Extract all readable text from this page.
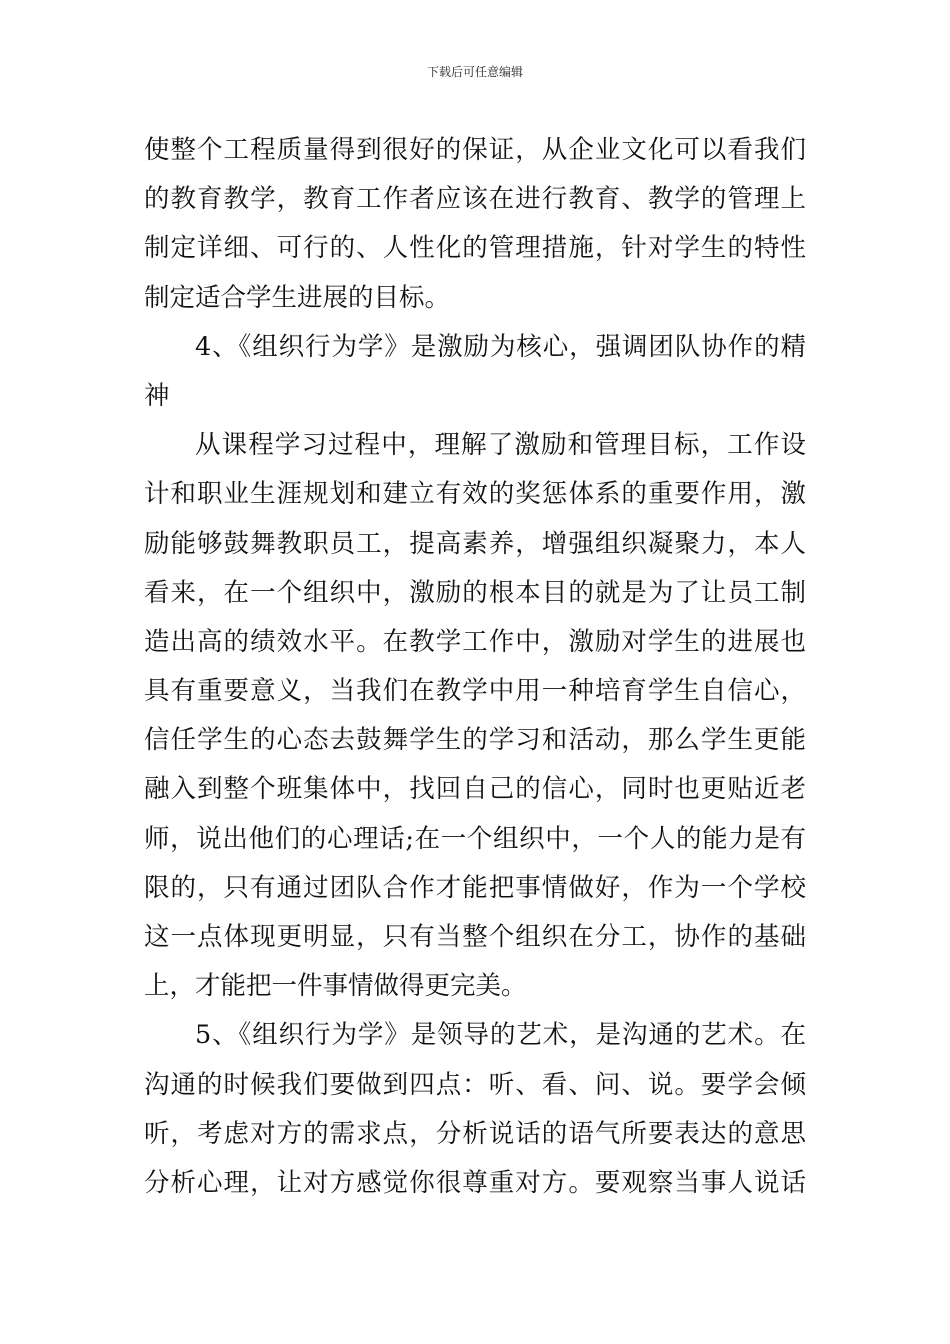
下载后可任意编辑
使整个工程质量得到很好的保证，从企业文化可以看我们
的教育教学，教育工作者应该在进行教育、教学的管理上
制定详细、可行的、人性化的管理措施，针对学生的特性
制定适合学生进展的目标。
4、《组织行为学》是激励为核心，强调团队协作的精
神
从课程学习过程中，理解了激励和管理目标，工作设
计和职业生涯规划和建立有效的奖惩体系的重要作用，激
励能够鼓舞教职员工，提高素养，增强组织凝聚力，本人
看来，在一个组织中，激励的根本目的就是为了让员工制
造出高的绩效水平。在教学工作中，激励对学生的进展也
具有重要意义，当我们在教学中用一种培育学生自信心，
信任学生的心态去鼓舞学生的学习和活动，那么学生更能
融入到整个班集体中，找回自己的信心，同时也更贴近老
师，说出他们的心理话;在一个组织中，一个人的能力是有
限的，只有通过团队合作才能把事情做好，作为一个学校
这一点体现更明显，只有当整个组织在分工，协作的基础
上，才能把一件事情做得更完美。
5、《组织行为学》是领导的艺术，是沟通的艺术。在
沟通的时候我们要做到四点：听、看、问、说。要学会倾
听，考虑对方的需求点，分析说话的语气所要表达的意思
分析心理，让对方感觉你很尊重对方。要观察当事人说话
